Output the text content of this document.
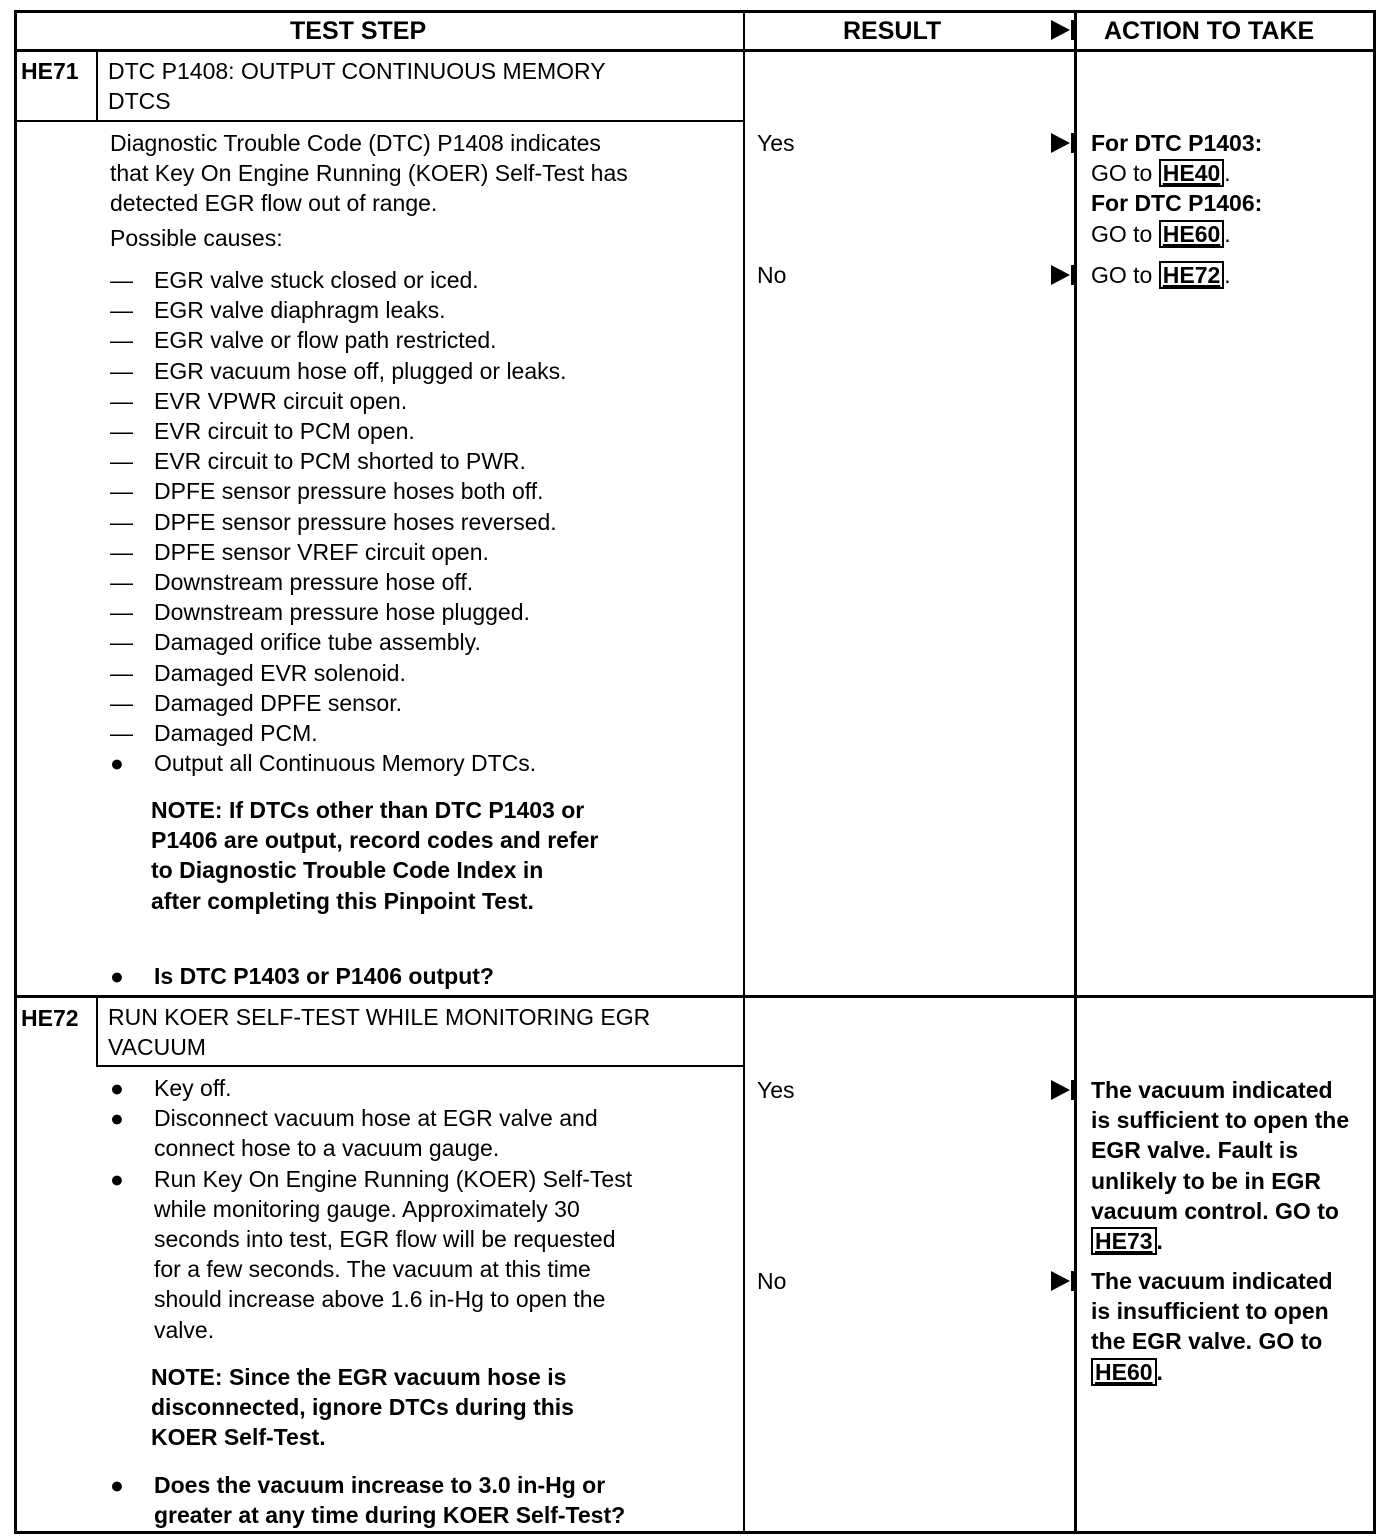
TEST STEP	RESULT	ACTION TO TAKE
HE71 DTC P1408: OUTPUT CONTINUOUS MEMORY
DTCS
Diagnostic Trouble Code (DTC) P1408 indicates
that Key On Engine Running (KOER) Self-Test has
detected EGR flow out of range.
Possible causes:
— EGR valve stuck closed or iced.
— EGR valve diaphragm leaks.
— EGR valve or flow path restricted.
— EGR vacuum hose off, plugged or leaks.
— EVR VPWR circuit open.
— EVR circuit to PCM open.
— EVR circuit to PCM shorted to PWR.
— DPFE sensor pressure hoses both off.
— DPFE sensor pressure hoses reversed.
— DPFE sensor VREF circuit open.
— Downstream pressure hose off.
— Downstream pressure hose plugged.
— Damaged orifice tube assembly.
— Damaged EVR solenoid.
— Damaged DPFE sensor.
— Damaged PCM.
● Output all Continuous Memory DTCs.
NOTE: If DTCs other than DTC P1403 or
P1406 are output, record codes and refer
to Diagnostic Trouble Code Index in
after completing this Pinpoint Test.
● Is DTC P1403 or P1406 output?
Yes
No
For DTC P1403:
GO to HE40 .
For DTC P1406:
GO to HE60 .
GO to HE72 .
HE72 RUN KOER SELF-TEST WHILE MONITORING EGR
VACUUM
● Key off.
● Disconnect vacuum hose at EGR valve and
connect hose to a vacuum gauge.
● Run Key On Engine Running (KOER) Self-Test
while monitoring gauge. Approximately 30
seconds into test, EGR flow will be requested
for a few seconds. The vacuum at this time
should increase above 1.6 in-Hg to open the
valve.
NOTE: Since the EGR vacuum hose is
disconnected, ignore DTCs during this
KOER Self-Test.
● Does the vacuum increase to 3.0 in-Hg or
greater at any time during KOER Self-Test?
Yes
No
The vacuum indicated
is sufficient to open the
EGR valve. Fault is
unlikely to be in EGR
vacuum control. GO to
HE73 .
The vacuum indicated
is insufficient to open
the EGR valve. GO to
HE60 .
